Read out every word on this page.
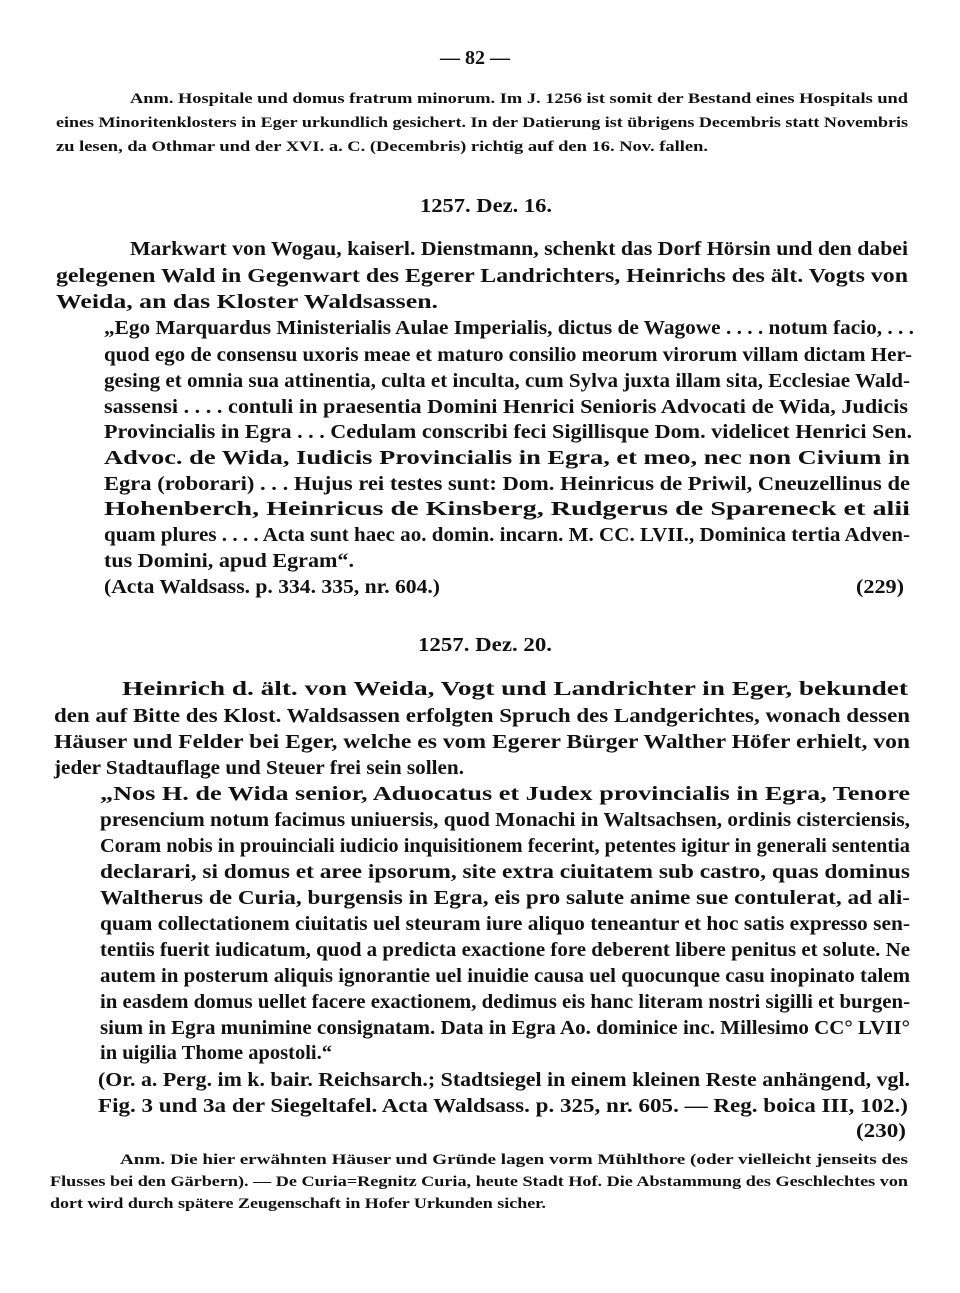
— 82 —
Anm. Hospitale und domus fratrum minorum. Im J. 1256 ist somit der Bestand eines Hospitals und
eines Minoritenklosters in Eger urkundlich gesichert. In der Datierung ist übrigens Decembris statt Novembris
zu lesen, da Othmar und der XVI. a. C. (Decembris) richtig auf den 16. Nov. fallen.
1257. Dez. 16.
Markwart von Wogau, kaiserl. Dienstmann, schenkt das Dorf Hörsin und den dabei
gelegenen Wald in Gegenwart des Egerer Landrichters, Heinrichs des ält. Vogts von
Weida, an das Kloster Waldsassen.
„Ego Marquardus Ministerialis Aulae Imperialis, dictus de Wagowe . . . . notum facio, . . .
quod ego de consensu uxoris meae et maturo consilio meorum virorum villam dictam Her-
gesing et omnia sua attinentia, culta et inculta, cum Sylva juxta illam sita, Ecclesiae Wald-
sassensi . . . . contuli in praesentia Domini Henrici Senioris Advocati de Wida, Judicis
Provincialis in Egra . . . Cedulam conscribi feci Sigillisque Dom. videlicet Henrici Sen.
Advoc. de Wida, Iudicis Provincialis in Egra, et meo, nec non Civium in
Egra (roborari) . . . Hujus rei testes sunt: Dom. Heinricus de Priwil, Cneuzellinus de
Hohenberch, Heinricus de Kinsberg, Rudgerus de Spareneck et alii
quam plures . . . . Acta sunt haec ao. domin. incarn. M. CC. LVII., Dominica tertia Adven-
tus Domini, apud Egram“.
(Acta Waldsass. p. 334. 335, nr. 604.)	(229)
1257. Dez. 20.
Heinrich d. ält. von Weida, Vogt und Landrichter in Eger, bekundet
den auf Bitte des Klost. Waldsassen erfolgten Spruch des Landgerichtes, wonach dessen
Häuser und Felder bei Eger, welche es vom Egerer Bürger Walther Höfer erhielt, von
jeder Stadtauflage und Steuer frei sein sollen.
„Nos H. de Wida senior, Aduocatus et Judex provincialis in Egra, Tenore
presencium notum facimus uniuersis, quod Monachi in Waltsachsen, ordinis cisterciensis,
Coram nobis in prouinciali iudicio inquisitionem fecerint, petentes igitur in generali sententia
declarari, si domus et aree ipsorum, site extra ciuitatem sub castro, quas dominus
Waltherus de Curia, burgensis in Egra, eis pro salute anime sue contulerat, ad ali-
quam collectationem ciuitatis uel steuram iure aliquo teneantur et hoc satis expresso sen-
tentiis fuerit iudicatum, quod a predicta exactione fore deberent libere penitus et solute. Ne
autem in posterum aliquis ignorantie uel inuidie causa uel quocunque casu inopinato talem
in easdem domus uellet facere exactionem, dedimus eis hanc literam nostri sigilli et burgen-
sium in Egra munimine consignatam. Data in Egra Ao. dominice inc. Millesimo CC° LVII°
in uigilia Thome apostoli.“
(Or. a. Perg. im k. bair. Reichsarch.; Stadtsiegel in einem kleinen Reste anhängend, vgl.
Fig. 3 und 3a der Siegeltafel. Acta Waldsass. p. 325, nr. 605. — Reg. boica III, 102.)
(230)
Anm. Die hier erwähnten Häuser und Gründe lagen vorm Mühlthore (oder vielleicht jenseits des
Flusses bei den Gärbern). — De Curia=Regnitz Curia, heute Stadt Hof. Die Abstammung des Geschlechtes von
dort wird durch spätere Zeugenschaft in Hofer Urkunden sicher.
